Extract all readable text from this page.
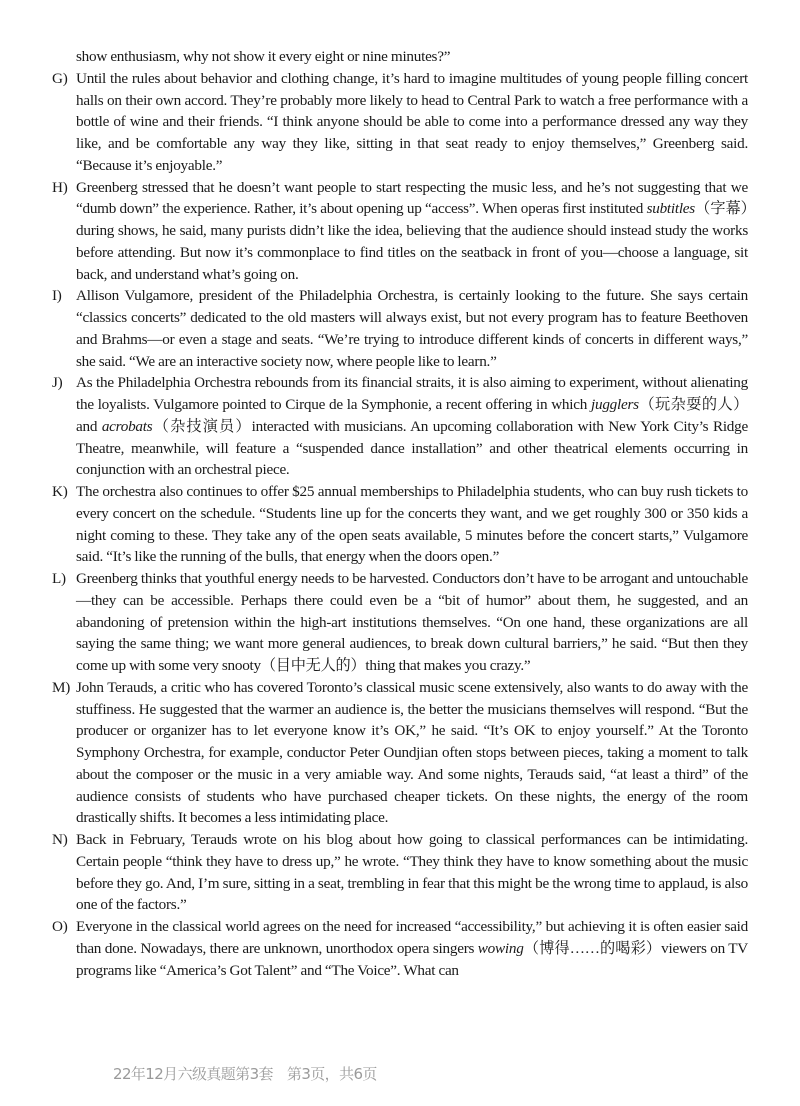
show enthusiasm, why not show it every eight or nine minutes?”

G) Until the rules about behavior and clothing change, it’s hard to imagine multitudes of young people filling concert halls on their own accord. They’re probably more likely to head to Central Park to watch a free performance with a bottle of wine and their friends. “I think anyone should be able to come into a performance dressed any way they like, and be comfortable any way they like, sitting in that seat ready to enjoy themselves,” Greenberg said. “Because it’s enjoyable.”

H) Greenberg stressed that he doesn’t want people to start respecting the music less, and he’s not suggesting that we “dumb down” the experience. Rather, it’s about opening up “access”. When operas first instituted subtitles（字幕）during shows, he said, many purists didn’t like the idea, believing that the audience should instead study the works before attending. But now it’s commonplace to find titles on the seatback in front of you—choose a language, sit back, and understand what’s going on.

I) Allison Vulgamore, president of the Philadelphia Orchestra, is certainly looking to the future. She says certain “classics concerts” dedicated to the old masters will always exist, but not every program has to feature Beethoven and Brahms—or even a stage and seats. “We’re trying to introduce different kinds of concerts in different ways,” she said. “We are an interactive society now, where people like to learn.”

J) As the Philadelphia Orchestra rebounds from its financial straits, it is also aiming to experiment, without alienating the loyalists. Vulgamore pointed to Cirque de la Symphonie, a recent offering in which jugglers（玩杂耍的人）and acrobats（杂技演员）interacted with musicians. An upcoming collaboration with New York City’s Ridge Theatre, meanwhile, will feature a “suspended dance installation” and other theatrical elements occurring in conjunction with an orchestral piece.

K) The orchestra also continues to offer $25 annual memberships to Philadelphia students, who can buy rush tickets to every concert on the schedule. “Students line up for the concerts they want, and we get roughly 300 or 350 kids a night coming to these. They take any of the open seats available, 5 minutes before the concert starts,” Vulgamore said. “It’s like the running of the bulls, that energy when the doors open.”

L) Greenberg thinks that youthful energy needs to be harvested. Conductors don’t have to be arrogant and untouchable—they can be accessible. Perhaps there could even be a “bit of humor” about them, he suggested, and an abandoning of pretension within the high-art institutions themselves. “On one hand, these organizations are all saying the same thing; we want more general audiences, to break down cultural barriers,” he said. “But then they come up with some very snooty（目中无人的）thing that makes you crazy.”

M) John Terauds, a critic who has covered Toronto’s classical music scene extensively, also wants to do away with the stuffiness. He suggested that the warmer an audience is, the better the musicians themselves will respond. “But the producer or organizer has to let everyone know it’s OK,” he said. “It’s OK to enjoy yourself.” At the Toronto Symphony Orchestra, for example, conductor Peter Oundjian often stops between pieces, taking a moment to talk about the composer or the music in a very amiable way. And some nights, Terauds said, “at least a third” of the audience consists of students who have purchased cheaper tickets. On these nights, the energy of the room drastically shifts. It becomes a less intimidating place.

N) Back in February, Terauds wrote on his blog about how going to classical performances can be intimidating. Certain people “think they have to dress up,” he wrote. “They think they have to know something about the music before they go. And, I’m sure, sitting in a seat, trembling in fear that this might be the wrong time to applaud, is also one of the factors.”

O) Everyone in the classical world agrees on the need for increased “accessibility,” but achieving it is often easier said than done. Nowadays, there are unknown, unorthodox opera singers wowing（博得……的喝彩）viewers on TV programs like “America’s Got Talent” and “The Voice”. What can

22年12月六级真题第3套 第3页，共6页
